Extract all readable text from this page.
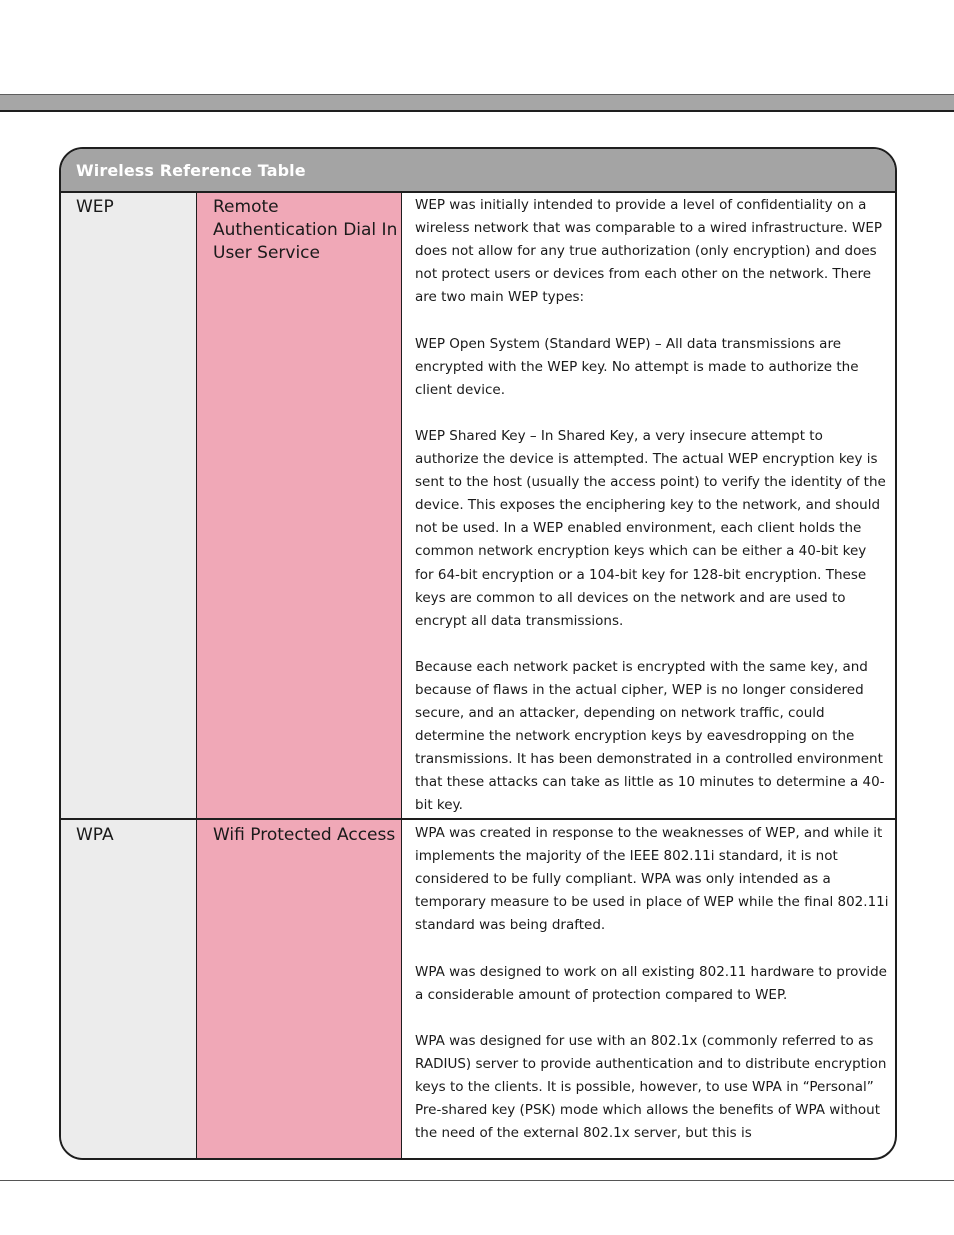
Wireless Reference Table
WEP	Remote Authentication Dial In User Service

WEP was initially intended to provide a level of confidentiality on a wireless network that was comparable to a wired infrastructure. WEP does not allow for any true authorization (only encryption) and does not protect users or devices from each other on the network. There are two main WEP types:

WEP Open System (Standard WEP) – All data transmissions are encrypted with the WEP key. No attempt is made to authorize the client device.

WEP Shared Key – In Shared Key, a very insecure attempt to authorize the device is attempted. The actual WEP encryption key is sent to the host (usually the access point) to verify the identity of the device. This exposes the enciphering key to the network, and should not be used. In a WEP enabled environment, each client holds the common network encryption keys which can be either a 40-bit key for 64-bit encryption or a 104-bit key for 128-bit encryption. These keys are common to all devices on the network and are used to encrypt all data transmissions.

Because each network packet is encrypted with the same key, and because of flaws in the actual cipher, WEP is no longer considered secure, and an attacker, depending on network traffic, could determine the network encryption keys by eavesdropping on the transmissions. It has been demonstrated in a controlled environment that these attacks can take as little as 10 minutes to determine a 40-bit key.

WPA	Wifi Protected Access WPA was created in response to the weaknesses of WEP, and while it implements the majority of the IEEE 802.11i standard, it is not considered to be fully compliant. WPA was only intended as a temporary measure to be used in place of WEP while the final 802.11i standard was being drafted.

WPA was designed to work on all existing 802.11 hardware to provide a considerable amount of protection compared to WEP.

WPA was designed for use with an 802.1x (commonly referred to as RADIUS) server to provide authentication and to distribute encryption keys to the clients. It is possible, however, to use WPA in “Personal” Pre-shared key (PSK) mode which allows the benefits of WPA without the need of the external 802.1x server, but this is
